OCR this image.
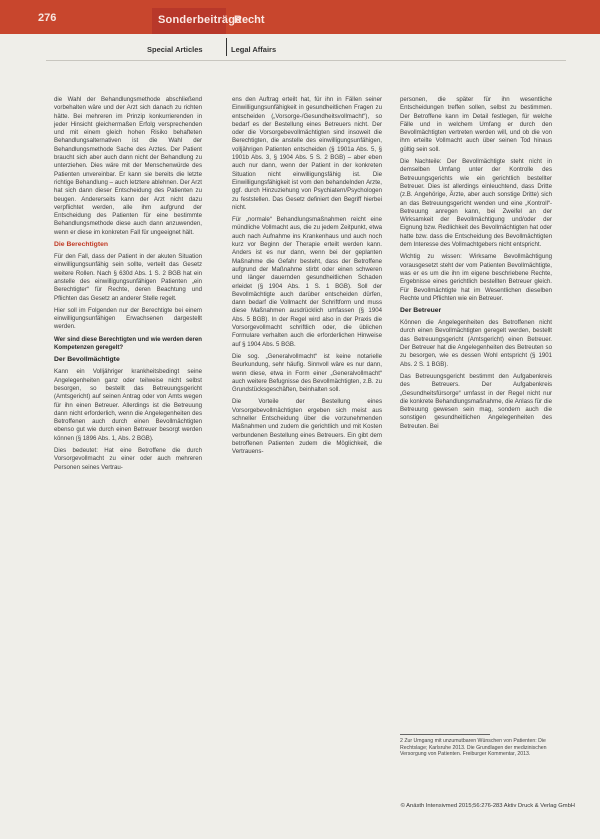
276	Sonderbeiträge
Recht
Special Articles	Legal Affairs

die Wahl der Behandlungsmethode abschließend vorbehalten wäre und der Arzt sich danach zu richten hätte. Bei mehreren im Prinzip konkurrierenden in jeder Hinsicht gleichermaßen Erfolg versprechenden und mit einem gleich hohen Risiko behafteten Behandlungsalternativen ist die Wahl der Behandlungsmethode Sache des Arztes. Der Patient braucht sich aber auch dann nicht der Behandlung zu unterziehen. Dies wäre mit der Menschenwürde des Patienten unvereinbar. Er kann sie bereits die letzte richtige Behandlung – auch letztere ablehnen. Der Arzt hat sich dann dieser Entscheidung des Patienten zu beugen. Andererseits kann der Arzt nicht dazu verpflichtet werden, alle ihm aufgrund der Entscheidung des Patienten für eine bestimmte Behandlungsmethode diese auch dann anzuwenden, wenn er diese im konkreten Fall für ungeeignet hält.

Die Berechtigten

Für den Fall, dass der Patient in der akuten Situation einwilligungsunfähig sein sollte, verteilt das Gesetz weitere Rollen. Nach § 630d Abs. 1 S. 2 BGB hat ein anstelle des einwilligungsunfähigen Patienten „ein Berechtigter“ für Rechte, deren Beachtung und Pflichten das Gesetz an anderer Stelle regelt.

Hier soll im Folgenden nur der Berechtigte bei einem einwilligungsunfähigen Erwachsenen dargestellt werden.

Wer sind diese Berechtigten und wie werden deren Kompetenzen geregelt?

Der Bevollmächtigte

Kann ein Volljähriger krankheitsbedingt seine Angelegenheiten ganz oder teilweise nicht selbst besorgen, so bestellt das Betreuungsgericht (Amtsgericht) auf seinen Antrag oder von Amts wegen für ihn einen Betreuer. Allerdings ist die Betreuung dann nicht erforderlich, wenn die Angelegenheiten des Betroffenen auch durch einen Bevollmächtigten ebenso gut wie durch einen Betreuer besorgt werden können (§ 1896 Abs. 1, Abs. 2 BGB).

Dies bedeutet: Hat eine Betroffene die durch Vorsorgevollmacht zu einer oder auch mehreren Personen seines Vertrau-

ens den Auftrag erteilt hat, für ihn in Fällen seiner Einwilligungsunfähigkeit in gesundheitlichen Fragen zu entscheiden („Vorsorge-/Gesundheitsvollmacht“), so bedarf es der Bestellung eines Betreuers nicht. Der oder die Vorsorgebevollmächtigten sind insoweit die Berechtigten, die anstelle des einwilligungsunfähigen, volljährigen Patienten entscheiden (§ 1901a Abs. 5, § 1901b Abs. 3, § 1904 Abs. 5 S. 2 BGB) – aber eben auch nur dann, wenn der Patient in der konkreten Situation nicht einwilligungsfähig ist. Die Einwilligungsfähigkeit ist vom den behandelnden Arzte, ggf. durch Hinzuziehung von Psychiatern/Psychologen zu feststellen. Das Gesetz definiert den Begriff hierbei nicht.

Für „normale“ Behandlungsmaßnahmen reicht eine mündliche Vollmacht aus, die zu jedem Zeitpunkt, etwa auch nach Aufnahme ins Krankenhaus und auch noch kurz vor Beginn der Therapie erteilt werden kann. Anders ist es nur dann, wenn bei der geplanten Maßnahme die Gefahr besteht, dass der Betroffene aufgrund der Maßnahme stirbt oder einen schweren und länger dauernden gesundheitlichen Schaden erleidet (§ 1904 Abs. 1 S. 1 BGB). Soll der Bevollmächtigte auch darüber entscheiden dürfen, dann bedarf die Vollmacht der Schriftform und muss diese Maßnahmen ausdrücklich umfassen (§ 1904 Abs. 5 BGB). In der Regel wird also in der Praxis die Vorsorgevollmacht schriftlich oder, die üblichen Formulare verhalten auch die erforderlichen Hinweise auf § 1904 Abs. 5 BGB.

Die sog. „Generalvollmacht“ ist keine notarielle Beurkundung, sehr häufig. Sinnvoll wäre es nur dann, wenn diese, etwa in Form einer „Generalvollmacht“ auch weitere Befugnisse des Bevollmächtigten, z.B. zu Grundstücksgeschäften, beinhalten soll.

Die Vorteile der Bestellung eines Vorsorgebevollmächtigten ergeben sich meist aus schneller Entscheidung über die vorzunehmenden Maßnahmen und zudem die gerichtlich und mit Kosten verbundenen Bestellung eines Betreuers. Ein gibt dem betroffenen Patienten zudem die Möglichkeit, die Vertrauens-

personen, die später für ihn wesentliche Entscheidungen treffen sollen, selbst zu bestimmen. Der Betroffene kann im Detail festlegen, für welche Fälle und in welchem Umfang er durch den Bevollmächtigten vertreten werden will, und ob die von ihm erteilte Vollmacht auch über seinen Tod hinaus gültig sein soll.

Die Nachteile: Der Bevollmächtigte steht nicht in demselben Umfang unter der Kontrolle des Betreuungsgerichts wie ein gerichtlich bestellter Betreuer. Dies ist allerdings einleuchtend, dass Dritte (z.B. Angehörige, Ärzte, aber auch sonstige Dritte) sich an das Betreuungsgericht wenden und eine „Kontroll“-Betreuung anregen kann, bei Zweifel an der Wirksamkeit der Bevollmächtigung und/oder der Eignung bzw. Redlichkeit des Bevollmächtigten hat oder hatte bzw. dass die Entscheidung des Bevollmächtigten dem Interesse des Vollmachtgebers nicht entspricht.

Wichtig zu wissen: Wirksame Bevollmächtigung vorausgesetzt steht der vom Patienten Bevollmächtigte, was er es um die ihn im eigene beschriebene Rechte, Ergebnisse eines gerichtlich bestellten Betreuer gleich. Für Bevollmächtigte hat im Wesentlichen dieselben Rechte und Pflichten wie ein Betreuer.

Der Betreuer

Können die Angelegenheiten des Betroffenen nicht durch einen Bevollmächtigten geregelt werden, bestellt das Betreuungsgericht (Amtsgericht) einen Betreuer. Der Betreuer hat die Angelegenheiten des Betreuten so zu besorgen, wie es dessen Wohl entspricht (§ 1901 Abs. 2 S. 1 BGB).

Das Betreuungsgericht bestimmt den Aufgabenkreis des Betreuers. Der Aufgabenkreis „Gesundheitsfürsorge“ umfasst in der Regel nicht nur die konkrete Behandlungsmaßnahme, die Anlass für die Betreuung gewesen sein mag, sondern auch die sonstigen gesundheitlichen Angelegenheiten des Betreuten. Bei

2 Zur Umgang mit unzumutbaren Wünschen von Patienten: Die Rechtslage; Karlsruhe 2013. Die Grundlagen der medizinischen Versorgung von Patienten. Freiburger Kommentar, 2013.
© Anästh Intensivmed 2015;56:276-283 Aktiv Druck & Verlag GmbH
